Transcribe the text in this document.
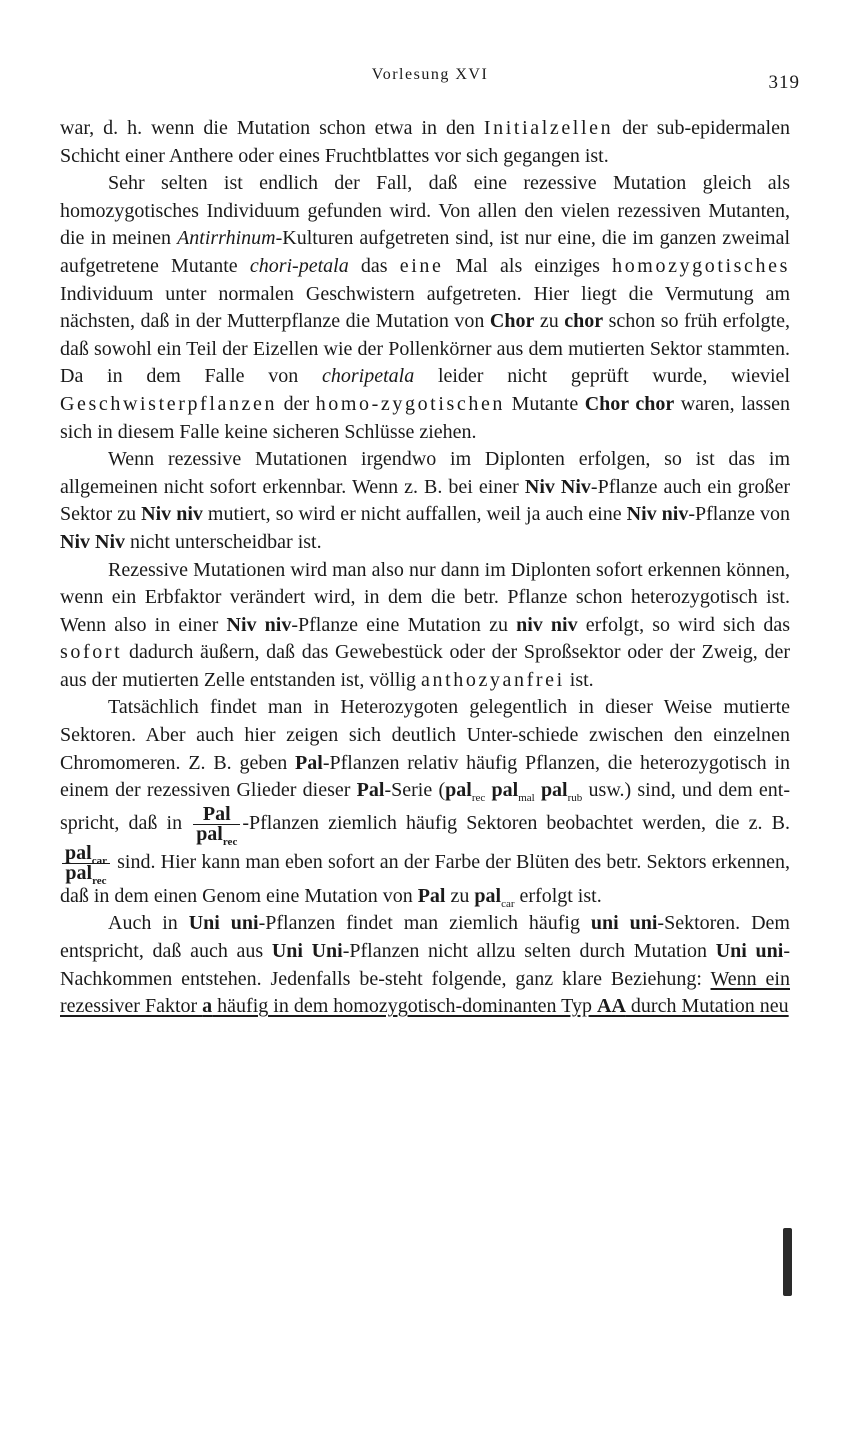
Vorlesung XVI	319

war, d. h. wenn die Mutation schon etwa in den Initialzellen der sub-epidermalen Schicht einer Anthere oder eines Fruchtblattes vor sich gegangen ist.

Sehr selten ist endlich der Fall, daß eine rezessive Mutation gleich als homozygotisches Individuum gefunden wird. Von allen den vielen rezessiven Mutanten, die in meinen Antirrhinum-Kulturen aufgetreten sind, ist nur eine, die im ganzen zweimal aufgetretene Mutante chori-petala das eine Mal als einziges homozygotisches Individuum unter normalen Geschwistern aufgetreten. Hier liegt die Vermutung am nächsten, daß in der Mutterpflanze die Mutation von Chor zu chor schon so früh erfolgte, daß sowohl ein Teil der Eizellen wie der Pollenkörner aus dem mutierten Sektor stammten. Da in dem Falle von choripetala leider nicht geprüft wurde, wieviel Geschwisterpflanzen der homo-zygotischen Mutante Chor chor waren, lassen sich in diesem Falle keine sicheren Schlüsse ziehen.

Wenn rezessive Mutationen irgendwo im Diplonten erfolgen, so ist das im allgemeinen nicht sofort erkennbar. Wenn z. B. bei einer Niv Niv-Pflanze auch ein großer Sektor zu Niv niv mutiert, so wird er nicht auffallen, weil ja auch eine Niv niv-Pflanze von Niv Niv nicht unterscheidbar ist.

Rezessive Mutationen wird man also nur dann im Diplonten sofort erkennen können, wenn ein Erbfaktor verändert wird, in dem die betr. Pflanze schon heterozygotisch ist. Wenn also in einer Niv niv-Pflanze eine Mutation zu niv niv erfolgt, so wird sich das sofort dadurch äußern, daß das Gewebestück oder der Sproßsektor oder der Zweig, der aus der mutierten Zelle entstanden ist, völlig anthozyanfrei ist.

Tatsächlich findet man in Heterozygoten gelegentlich in dieser Weise mutierte Sektoren. Aber auch hier zeigen sich deutlich Unter-schiede zwischen den einzelnen Chromomeren. Z. B. geben Pal-Pflanzen relativ häufig Pflanzen, die heterozygotisch in einem der rezessiven Glieder dieser Pal-Serie (pal$_{rec}$ pal$_{mal}$ pal$_{rub}$ usw.) sind, und dem ent-spricht, daß in $\frac{\text{Pal}}{pal_{rec}}$ -Pflanzen ziemlich häufig Sektoren beobachtet werden, die z. B.
$\frac{pal_{car}}{pal_{rec}} \sin d$. Hier kann man eben sofort an der Farbe der Blüten des betr. Sektors erkennen, daß in dem einen Genom eine Mutation von Pal zu pal$_{car}$ erfolgt ist.

Auch in Uni uni-Pflanzen findet man ziemlich häufig uni uni-Sektoren. Dem entspricht, daß auch aus Uni Uni-Pflanzen nicht allzu selten durch Mutation Uni uni-Nachkommen entstehen. Jedenfalls be-steht folgende, ganz klare Beziehung: Wenn ein rezessiver Faktor a häufig in dem homozygotisch-dominanten Typ AA durch Mutation neu
